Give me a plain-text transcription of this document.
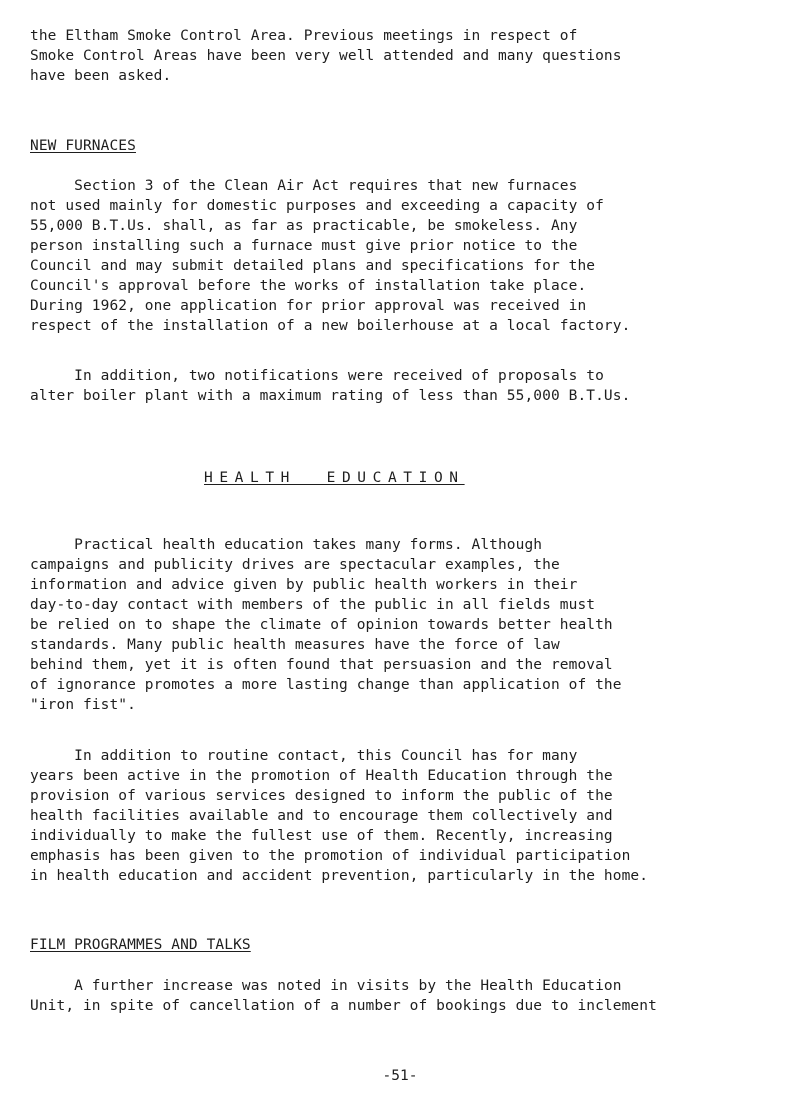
the Eltham Smoke Control Area. Previous meetings in respect of
Smoke Control Areas have been very well attended and many questions
have been asked.
NEW FURNACES
Section 3 of the Clean Air Act requires that new furnaces
not used mainly for domestic purposes and exceeding a capacity of
55,000 B.T.Us. shall, as far as practicable, be smokeless. Any
person installing such a furnace must give prior notice to the
Council and may submit detailed plans and specifications for the
Council's approval before the works of installation take place.
During 1962, one application for prior approval was received in
respect of the installation of a new boilerhouse at a local factory.
In addition, two notifications were received of proposals to
alter boiler plant with a maximum rating of less than 55,000 B.T.Us.
HEALTH  EDUCATION
Practical health education takes many forms. Although
campaigns and publicity drives are spectacular examples, the
information and advice given by public health workers in their
day-to-day contact with members of the public in all fields must
be relied on to shape the climate of opinion towards better health
standards. Many public health measures have the force of law
behind them, yet it is often found that persuasion and the removal
of ignorance promotes a more lasting change than application of the
"iron fist".
In addition to routine contact, this Council has for many
years been active in the promotion of Health Education through the
provision of various services designed to inform the public of the
health facilities available and to encourage them collectively and
individually to make the fullest use of them. Recently, increasing
emphasis has been given to the promotion of individual participation
in health education and accident prevention, particularly in the home.
FILM PROGRAMMES AND TALKS
A further increase was noted in visits by the Health Education
Unit, in spite of cancellation of a number of bookings due to inclement
-51-
